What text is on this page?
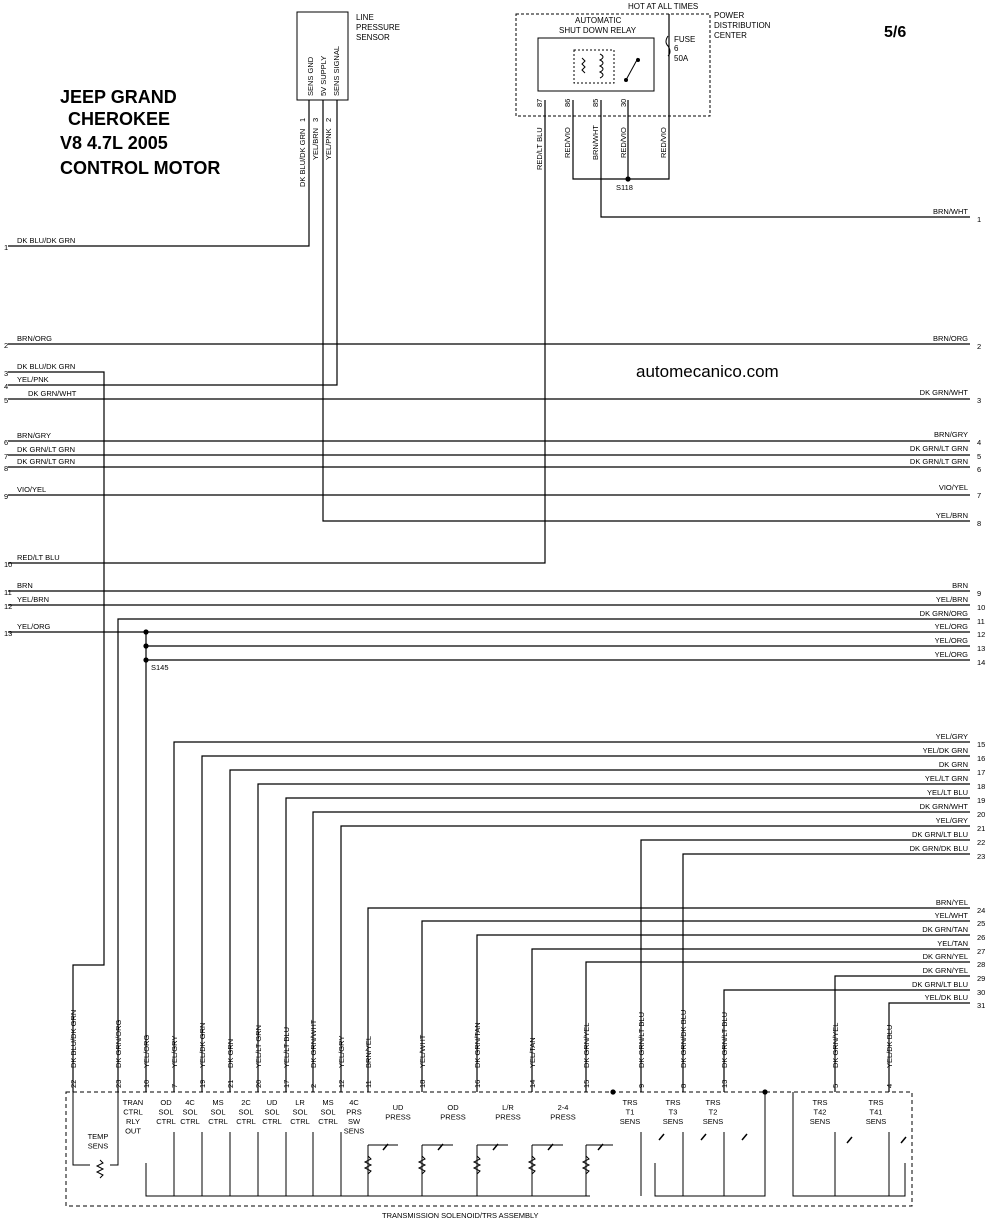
JEEP GRAND
CHEROKEE
V8 4.7L 2005
CONTROL MOTOR
5/6
automecanico.com
LINE
PRESSURE
SENSOR
SENS GND 5V SUPPLY SENS SIGNAL
1 3 2
DK BLU/DK GRN YEL/BRN YEL/PNK
HOT AT ALL TIMES
POWER
DISTRIBUTION
CENTER
FUSE
6
50A
AUTOMATIC
SHUT DOWN RELAY
87	86	85	30
RED/LT BLU	RED/VIO	BRN/WHT	RED/VIO	RED/VIO
S118
S145
1
DK BLU/DK GRN
2
BRN/ORG
3
DK BLU/DK GRN
4
YEL/PNK
5
DK GRN/WHT
6
BRN/GRY
7
DK GRN/LT GRN
8
DK GRN/LT GRN
9
VIO/YEL
10
RED/LT BLU
11
BRN
12
YEL/BRN
13
YEL/ORG
1
BRN/WHT
2
BRN/ORG
3
DK GRN/WHT
4
BRN/GRY
5
DK GRN/LT GRN
6
DK GRN/LT GRN
7
VIO/YEL
8
YEL/BRN
9
BRN
10
YEL/BRN
11
DK GRN/ORG
12
YEL/ORG
13
YEL/ORG
14
YEL/ORG
15
YEL/GRY
16
YEL/DK GRN
17
DK GRN
18
YEL/LT GRN
19
YEL/LT BLU
20
DK GRN/WHT
21
YEL/GRY
22
DK GRN/LT BLU
23
DK GRN/DK BLU
24
BRN/YEL
25
YEL/WHT
26
DK GRN/TAN
27
YEL/TAN
28
DK GRN/YEL
29
DK GRN/YEL
30
DK GRN/LT BLU
31
YEL/DK BLU
TRANSMISSION SOLENOID/TRS ASSEMBLY
22
DK BLU/DK GRN
23
DK GRN/ORG
10
YEL/ORG
7
YEL/GRY
19
YEL/DK GRN
21
DK GRN
20
YEL/LT GRN
17
YEL/LT BLU
2
DK GRN/WHT
12
YEL/GRY
11
BRN/YEL
18
YEL/WHT
16
DK GRN/TAN
14
YEL/TAN
15
DK GRN/YEL
9
DK GRN/LT BLU
8
DK GRN/DK BLU
13
DK GRN/LT BLU
5
DK GRN/YEL
4
YEL/DK BLU
TEMP
SENS
TRAN
CTRL
RLY
OUT
OD
SOL
CTRL
4C
SOL
CTRL
MS
SOL
CTRL
2C
SOL
CTRL
UD
SOL
CTRL
LR
SOL
CTRL
MS
SOL
CTRL
4C
PRS
SW
SENS
UD
PRESS
OD
PRESS
L/R
PRESS
2-4
PRESS
TRS
T1
SENS
TRS
T3
SENS
TRS
T2
SENS
TRS
T42
SENS
TRS
T41
SENS
